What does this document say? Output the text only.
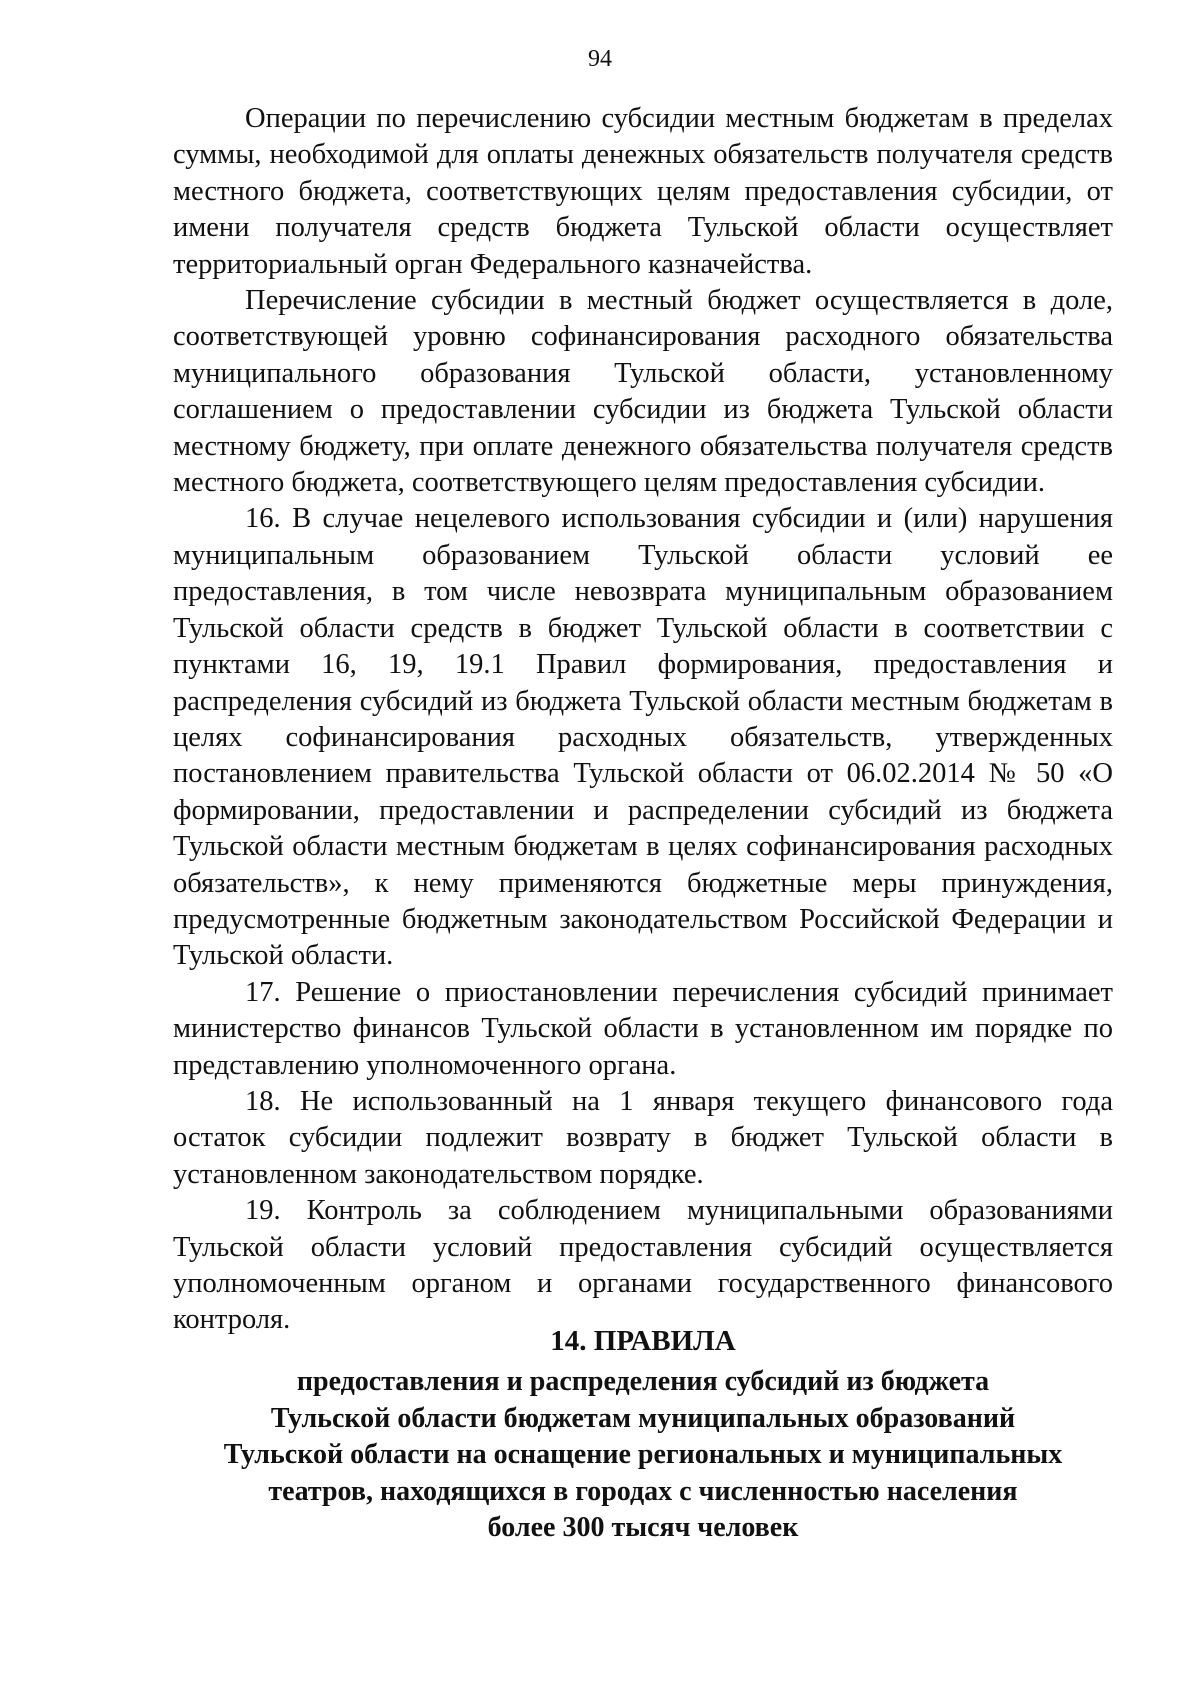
94

Операции по перечислению субсидии местным бюджетам в пределах суммы, необходимой для оплаты денежных обязательств получателя средств местного бюджета, соответствующих целям предоставления субсидии, от имени получателя средств бюджета Тульской области осуществляет территориальный орган Федерального казначейства.

Перечисление субсидии в местный бюджет осуществляется в доле, соответствующей уровню софинансирования расходного обязательства муниципального образования Тульской области, установленному соглашением о предоставлении субсидии из бюджета Тульской области местному бюджету, при оплате денежного обязательства получателя средств местного бюджета, соответствующего целям предоставления субсидии.

16. В случае нецелевого использования субсидии и (или) нарушения муниципальным образованием Тульской области условий ее предоставления, в том числе невозврата муниципальным образованием Тульской области средств в бюджет Тульской области в соответствии с пунктами 16, 19, 19.1 Правил формирования, предоставления и распределения субсидий из бюджета Тульской области местным бюджетам в целях софинансирования расходных обязательств, утвержденных постановлением правительства Тульской области от 06.02.2014 № 50 «О формировании, предоставлении и распределении субсидий из бюджета Тульской области местным бюджетам в целях софинансирования расходных обязательств», к нему применяются бюджетные меры принуждения, предусмотренные бюджетным законодательством Российской Федерации и Тульской области.

17. Решение о приостановлении перечисления субсидий принимает министерство финансов Тульской области в установленном им порядке по представлению уполномоченного органа.

18. Не использованный на 1 января текущего финансового года остаток субсидии подлежит возврату в бюджет Тульской области в установленном законодательством порядке.

19. Контроль за соблюдением муниципальными образованиями Тульской области условий предоставления субсидий осуществляется уполномоченным органом и органами государственного финансового контроля.

14. ПРАВИЛА
предоставления и распределения субсидий из бюджета
Тульской области бюджетам муниципальных образований
Тульской области на оснащение региональных и муниципальных
театров, находящихся в городах с численностью населения
более 300 тысяч человек
